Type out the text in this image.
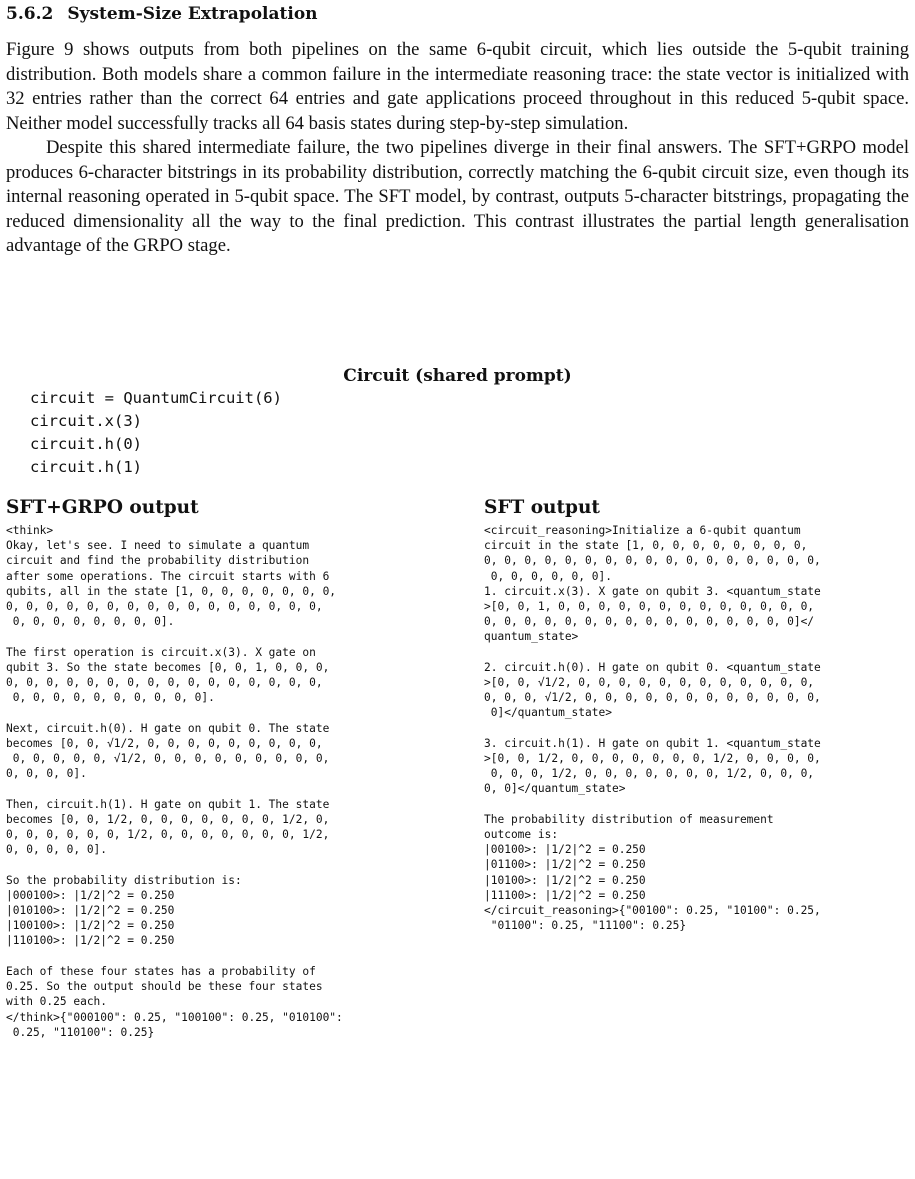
5.6.2 System-Size Extrapolation

Figure 9 shows outputs from both pipelines on the same 6-qubit circuit, which lies outside the 5-qubit training distribution. Both models share a common failure in the intermediate reasoning trace: the state vector is initialized with 32 entries rather than the correct 64 entries and gate applications proceed throughout in this reduced 5-qubit space. Neither model successfully tracks all 64 basis states during step-by-step simulation.

Despite this shared intermediate failure, the two pipelines diverge in their final answers. The SFT+GRPO model produces 6-character bitstrings in its probability distribution, correctly matching the 6-qubit circuit size, even though its internal reasoning operated in 5-qubit space. The SFT model, by contrast, outputs 5-character bitstrings, propagating the reduced dimensionality all the way to the final prediction. This contrast illustrates the partial length generalisation advantage of the GRPO stage.

Circuit (shared prompt)
circuit = QuantumCircuit(6)
circuit.x(3)
circuit.h(0)
circuit.h(1)
SFT+GRPO output
<think>
Okay, let's see. I need to simulate a quantum
circuit and find the probability distribution
after some operations. The circuit starts with 6
qubits, all in the state [1, 0, 0, 0, 0, 0, 0, 0,
0, 0, 0, 0, 0, 0, 0, 0, 0, 0, 0, 0, 0, 0, 0, 0,
0, 0, 0, 0, 0, 0, 0, 0].

The first operation is circuit.x(3). X gate on
qubit 3. So the state becomes [0, 0, 1, 0, 0, 0,
0, 0, 0, 0, 0, 0, 0, 0, 0, 0, 0, 0, 0, 0, 0, 0,
0, 0, 0, 0, 0, 0, 0, 0, 0, 0].

Next, circuit.h(0). H gate on qubit 0. The state
becomes [0, 0, √1/2, 0, 0, 0, 0, 0, 0, 0, 0, 0,
0, 0, 0, 0, 0, √1/2, 0, 0, 0, 0, 0, 0, 0, 0, 0,
0, 0, 0, 0].

Then, circuit.h(1). H gate on qubit 1. The state
becomes [0, 0, 1/2, 0, 0, 0, 0, 0, 0, 0, 1/2, 0,
0, 0, 0, 0, 0, 0, 1/2, 0, 0, 0, 0, 0, 0, 0, 1/2,
0, 0, 0, 0, 0].

So the probability distribution is:
|000100>: |1/2|^2 = 0.250
|010100>: |1/2|^2 = 0.250
|100100>: |1/2|^2 = 0.250
|110100>: |1/2|^2 = 0.250

Each of these four states has a probability of
0.25. So the output should be these four states
with 0.25 each.
</think>{"000100": 0.25, "100100": 0.25, "010100":
0.25, "110100": 0.25}
SFT output
<circuit_reasoning>Initialize a 6-qubit quantum
circuit in the state [1, 0, 0, 0, 0, 0, 0, 0, 0,
0, 0, 0, 0, 0, 0, 0, 0, 0, 0, 0, 0, 0, 0, 0, 0, 0,
0, 0, 0, 0, 0, 0].
1. circuit.x(3). X gate on qubit 3. <quantum_state
>[0, 0, 1, 0, 0, 0, 0, 0, 0, 0, 0, 0, 0, 0, 0, 0,
0, 0, 0, 0, 0, 0, 0, 0, 0, 0, 0, 0, 0, 0, 0, 0]</
quantum_state>

2. circuit.h(0). H gate on qubit 0. <quantum_state
>[0, 0, √1/2, 0, 0, 0, 0, 0, 0, 0, 0, 0, 0, 0, 0,
0, 0, 0, √1/2, 0, 0, 0, 0, 0, 0, 0, 0, 0, 0, 0, 0,
0]</quantum_state>

3. circuit.h(1). H gate on qubit 1. <quantum_state
>[0, 0, 1/2, 0, 0, 0, 0, 0, 0, 0, 1/2, 0, 0, 0, 0,
0, 0, 0, 1/2, 0, 0, 0, 0, 0, 0, 0, 1/2, 0, 0, 0,
0, 0]</quantum_state>

The probability distribution of measurement
outcome is:
|00100>: |1/2|^2 = 0.250
|01100>: |1/2|^2 = 0.250
|10100>: |1/2|^2 = 0.250
|11100>: |1/2|^2 = 0.250
</circuit_reasoning>{"00100": 0.25, "10100": 0.25,
"01100": 0.25, "11100": 0.25}
